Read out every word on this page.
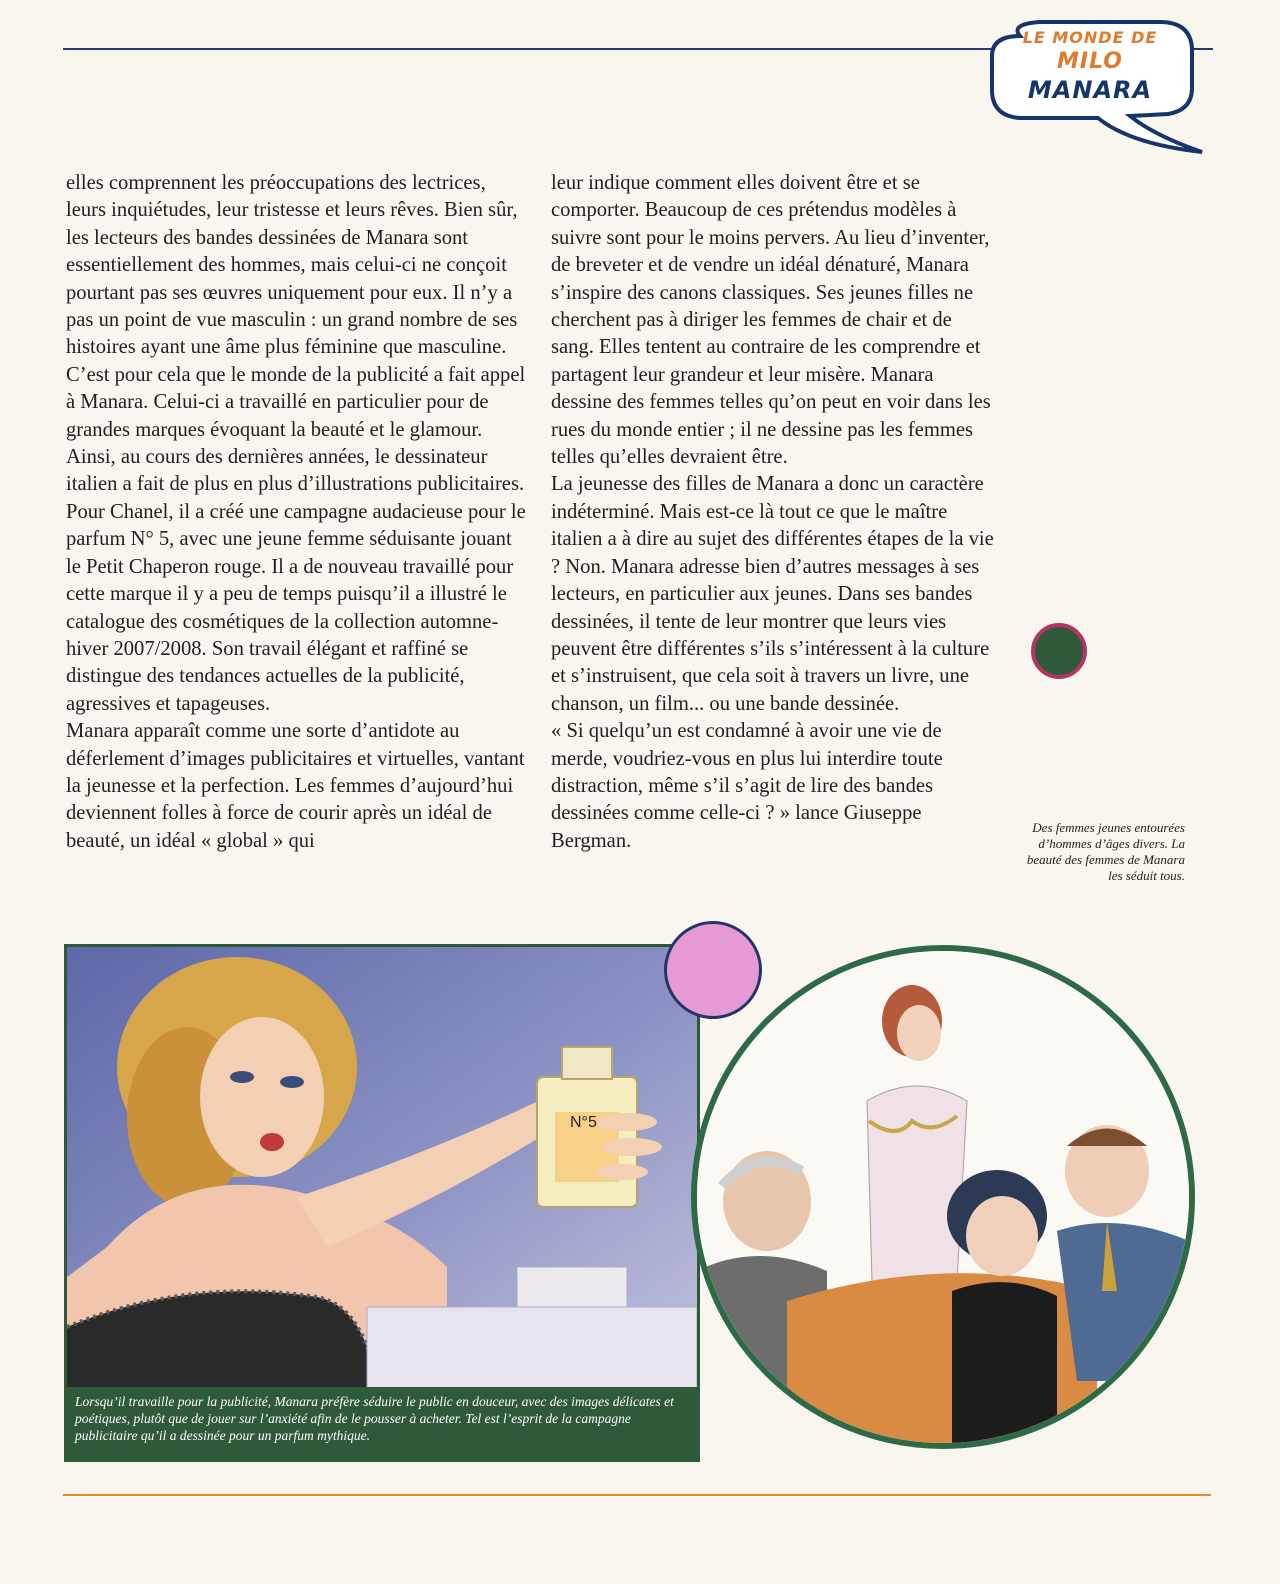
LE MONDE DE
MILO
MANARA

elles comprennent les préoccupations des lectrices, leurs inquiétudes, leur tristesse et leurs rêves. Bien sûr, les lecteurs des bandes dessinées de Manara sont essentiellement des hommes, mais celui-ci ne conçoit pourtant pas ses œuvres uniquement pour eux. Il n’y a pas un point de vue masculin : un grand nombre de ses histoires ayant une âme plus féminine que masculine. C’est pour cela que le monde de la publicité a fait appel à Manara. Celui-ci a travaillé en particulier pour de grandes marques évoquant la beauté et le glamour. Ainsi, au cours des dernières années, le dessinateur italien a fait de plus en plus d’illustrations publicitaires. Pour Chanel, il a créé une campagne audacieuse pour le parfum N° 5, avec une jeune femme séduisante jouant le Petit Chaperon rouge. Il a de nouveau travaillé pour cette marque il y a peu de temps puisqu’il a illustré le catalogue des cosmétiques de la collection automne-hiver 2007/2008. Son travail élégant et raffiné se distingue des tendances actuelles de la publicité, agressives et tapageuses.

Manara apparaît comme une sorte d’antidote au déferlement d’images publicitaires et virtuelles, vantant la jeunesse et la perfection. Les femmes d’aujourd’hui deviennent folles à force de courir après un idéal de beauté, un idéal « global » qui

leur indique comment elles doivent être et se comporter. Beaucoup de ces prétendus modèles à suivre sont pour le moins pervers. Au lieu d’inventer, de breveter et de vendre un idéal dénaturé, Manara s’inspire des canons classiques. Ses jeunes filles ne cherchent pas à diriger les femmes de chair et de sang. Elles tentent au contraire de les comprendre et partagent leur grandeur et leur misère. Manara dessine des femmes telles qu’on peut en voir dans les rues du monde entier ; il ne dessine pas les femmes telles qu’elles devraient être.

La jeunesse des filles de Manara a donc un caractère indéterminé. Mais est-ce là tout ce que le maître italien a à dire au sujet des différentes étapes de la vie ? Non. Manara adresse bien d’autres messages à ses lecteurs, en particulier aux jeunes. Dans ses bandes dessinées, il tente de leur montrer que leurs vies peuvent être différentes s’ils s’intéressent à la culture et s’instruisent, que cela soit à travers un livre, une chanson, un film... ou une bande dessinée.

« Si quelqu’un est condamné à avoir une vie de merde, voudriez-vous en plus lui interdire toute distraction, même s’il s’agit de lire des bandes dessinées comme celle-ci ? » lance Giuseppe Bergman.

Des femmes jeunes entourées d’hommes d’âges divers. La beauté des femmes de Manara les séduit tous.
N°5
Lorsqu’il travaille pour la publicité, Manara préfère séduire le public en douceur, avec des images délicates et poétiques, plutôt que de jouer sur l’anxiété afin de le pousser à acheter. Tel est l’esprit de la campagne publicitaire qu’il a dessinée pour un parfum mythique.
